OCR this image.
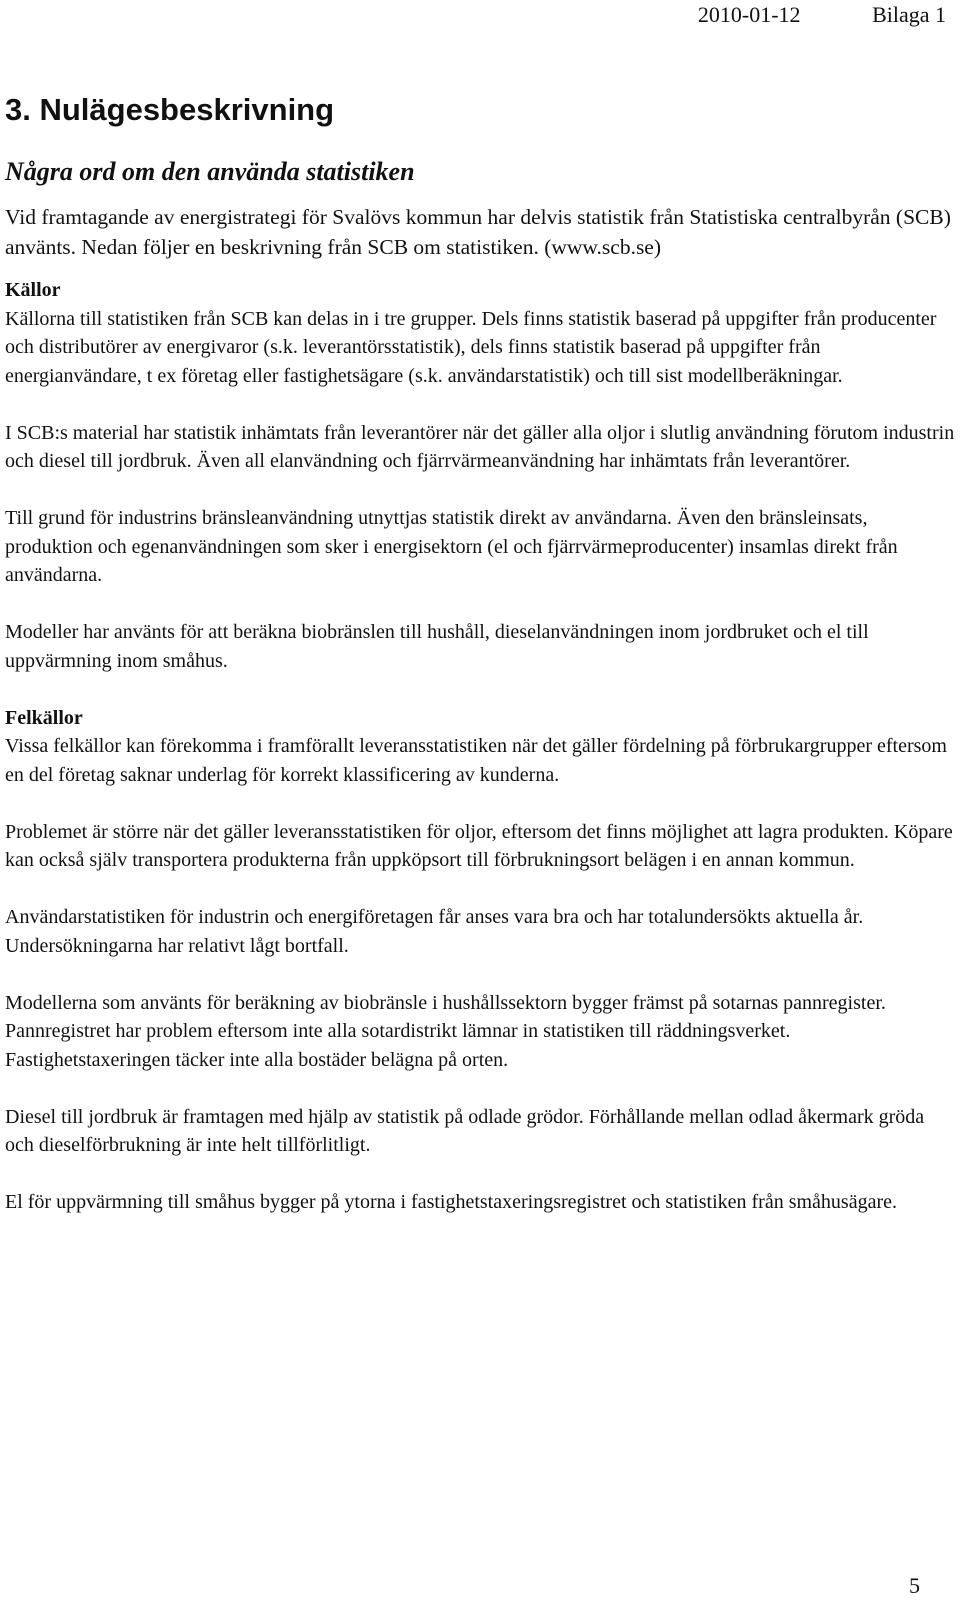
2010-01-12	Bilaga 1
3. Nulägesbeskrivning
Några ord om den använda statistiken

Vid framtagande av energistrategi för Svalövs kommun har delvis statistik från Statistiska centralbyrån (SCB) använts. Nedan följer en beskrivning från SCB om statistiken. (www.scb.se)

Källor

Källorna till statistiken från SCB kan delas in i tre grupper. Dels finns statistik baserad på uppgifter från producenter och distributörer av energivaror (s.k. leverantörsstatistik), dels finns statistik baserad på uppgifter från energianvändare, t ex företag eller fastighetsägare (s.k. användarstatistik) och till sist modellberäkningar.

I SCB:s material har statistik inhämtats från leverantörer när det gäller alla oljor i slutlig användning förutom industrin och diesel till jordbruk. Även all elanvändning och fjärrvärmeanvändning har inhämtats från leverantörer.

Till grund för industrins bränsleanvändning utnyttjas statistik direkt av användarna. Även den bränsleinsats, produktion och egenanvändningen som sker i energisektorn (el och fjärrvärmeproducenter) insamlas direkt från användarna.

Modeller har använts för att beräkna biobränslen till hushåll, dieselanvändningen inom jordbruket och el till uppvärmning inom småhus.

Felkällor

Vissa felkällor kan förekomma i framförallt leveransstatistiken när det gäller fördelning på förbrukargrupper eftersom en del företag saknar underlag för korrekt klassificering av kunderna.

Problemet är större när det gäller leveransstatistiken för oljor, eftersom det finns möjlighet att lagra produkten. Köpare kan också själv transportera produkterna från uppköpsort till förbrukningsort belägen i en annan kommun.

Användarstatistiken för industrin och energiföretagen får anses vara bra och har totalundersökts aktuella år. Undersökningarna har relativt lågt bortfall.

Modellerna som använts för beräkning av biobränsle i hushållssektorn bygger främst på sotarnas pannregister. Pannregistret har problem eftersom inte alla sotardistrikt lämnar in statistiken till räddningsverket. Fastighetstaxeringen täcker inte alla bostäder belägna på orten.

Diesel till jordbruk är framtagen med hjälp av statistik på odlade grödor. Förhållande mellan odlad åkermark gröda och dieselförbrukning är inte helt tillförlitligt.

El för uppvärmning till småhus bygger på ytorna i fastighetstaxeringsregistret och statistiken från småhusägare.

5
